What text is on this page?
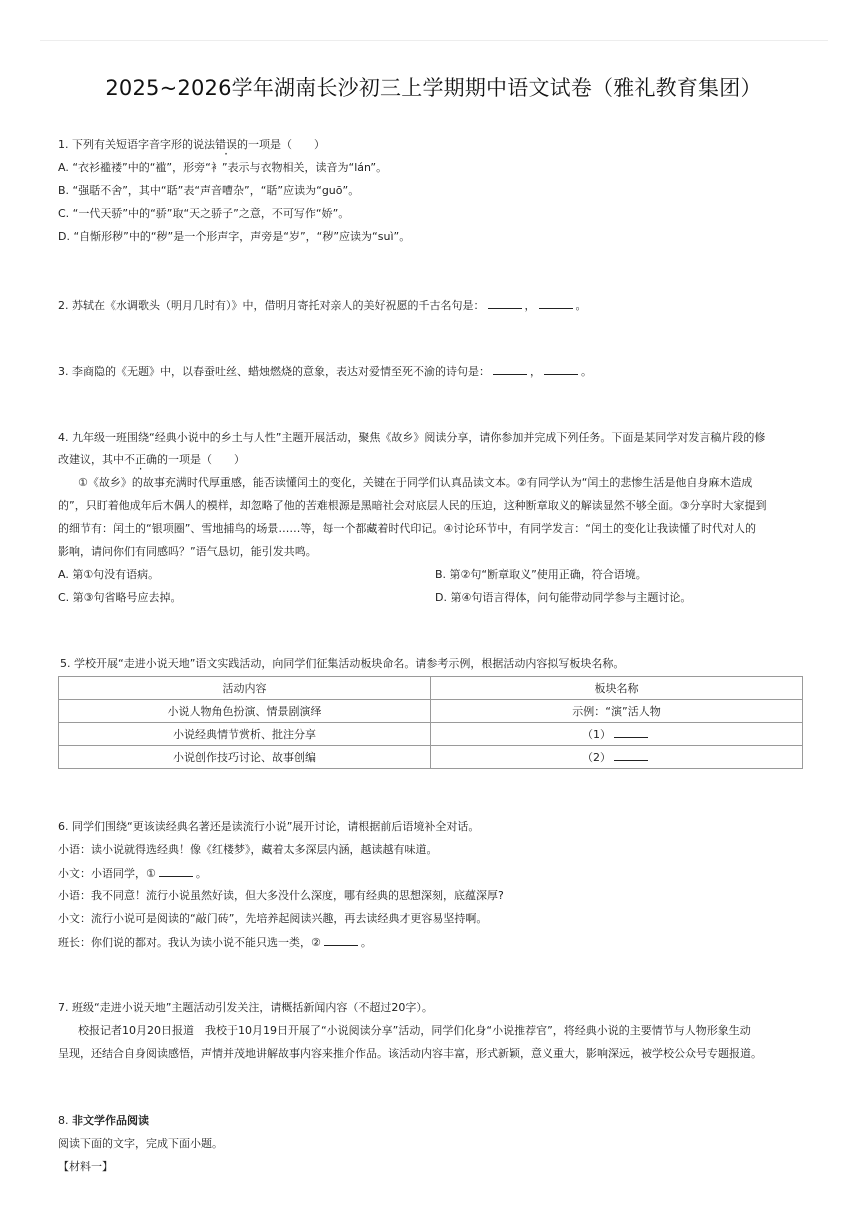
2025~2026学年湖南长沙初三上学期期中语文试卷（雅礼教育集团）
1. 下列有关短语字音字形的说法错误的一项是（　　）
A. “衣衫褴褛”中的“褴”，形旁“衤”表示与衣物相关，读音为“lán”。
B. “强聒不舍”，其中“聒”表“声音嘈杂”，“聒”应读为“guō”。
C. “一代天骄”中的“骄”取“天之骄子”之意，不可写作“娇”。
D. “自惭形秽”中的“秽”是一个形声字，声旁是“岁”，“秽”应读为“suì”。
2. 苏轼在《水调歌头（明月几时有）》中，借明月寄托对亲人的美好祝愿的千古名句是：	，	。
3. 李商隐的《无题》中，以春蚕吐丝、蜡烛燃烧的意象，表达对爱情至死不渝的诗句是：	，	。
4. 九年级一班围绕“经典小说中的乡土与人性”主题开展活动，聚焦《故乡》阅读分享，请你参加并完成下列任务。下面是某同学对发言稿片段的修
改建议，其中不正确的一项是（　　）
①《故乡》的故事充满时代厚重感，能否读懂闰土的变化，关键在于同学们认真品读文本。②有同学认为“闰土的悲惨生活是他自身麻木造成
的”，只盯着他成年后木偶人的模样，却忽略了他的苦难根源是黑暗社会对底层人民的压迫，这种断章取义的解读显然不够全面。③分享时大家提到
的细节有：闰土的“银项圈”、雪地捕鸟的场景……等，每一个都藏着时代印记。④讨论环节中，有同学发言：“闰土的变化让我读懂了时代对人的
影响，请问你们有同感吗？”语气恳切，能引发共鸣。
A. 第①句没有语病。	B. 第②句“断章取义”使用正确，符合语境。
C. 第③句省略号应去掉。	D. 第④句语言得体，问句能带动同学参与主题讨论。
5. 学校开展“走进小说天地”语文实践活动，向同学们征集活动板块命名。请参考示例，根据活动内容拟写板块名称。
活动内容	板块名称
小说人物角色扮演、情景剧演绎	示例：“演”活人物
小说经典情节赏析、批注分享	（1）
小说创作技巧讨论、故事创编	（2）
6. 同学们围绕“更该读经典名著还是读流行小说”展开讨论，请根据前后语境补全对话。
小语：读小说就得选经典！像《红楼梦》，藏着太多深层内涵，越读越有味道。
小文：小语同学，①	。
小语：我不同意！流行小说虽然好读，但大多没什么深度，哪有经典的思想深刻，底蕴深厚?
小文：流行小说可是阅读的“敲门砖”，先培养起阅读兴趣，再去读经典才更容易坚持啊。
班长：你们说的都对。我认为读小说不能只选一类，②	。
7. 班级“走进小说天地”主题活动引发关注，请概括新闻内容（不超过20字）。
校报记者10月20日报道　我校于10月19日开展了“小说阅读分享”活动，同学们化身“小说推荐官”，将经典小说的主要情节与人物形象生动
呈现，还结合自身阅读感悟，声情并茂地讲解故事内容来推介作品。该活动内容丰富，形式新颖，意义重大，影响深远，被学校公众号专题报道。
8. 非文学作品阅读
阅读下面的文字，完成下面小题。
【材料一】
